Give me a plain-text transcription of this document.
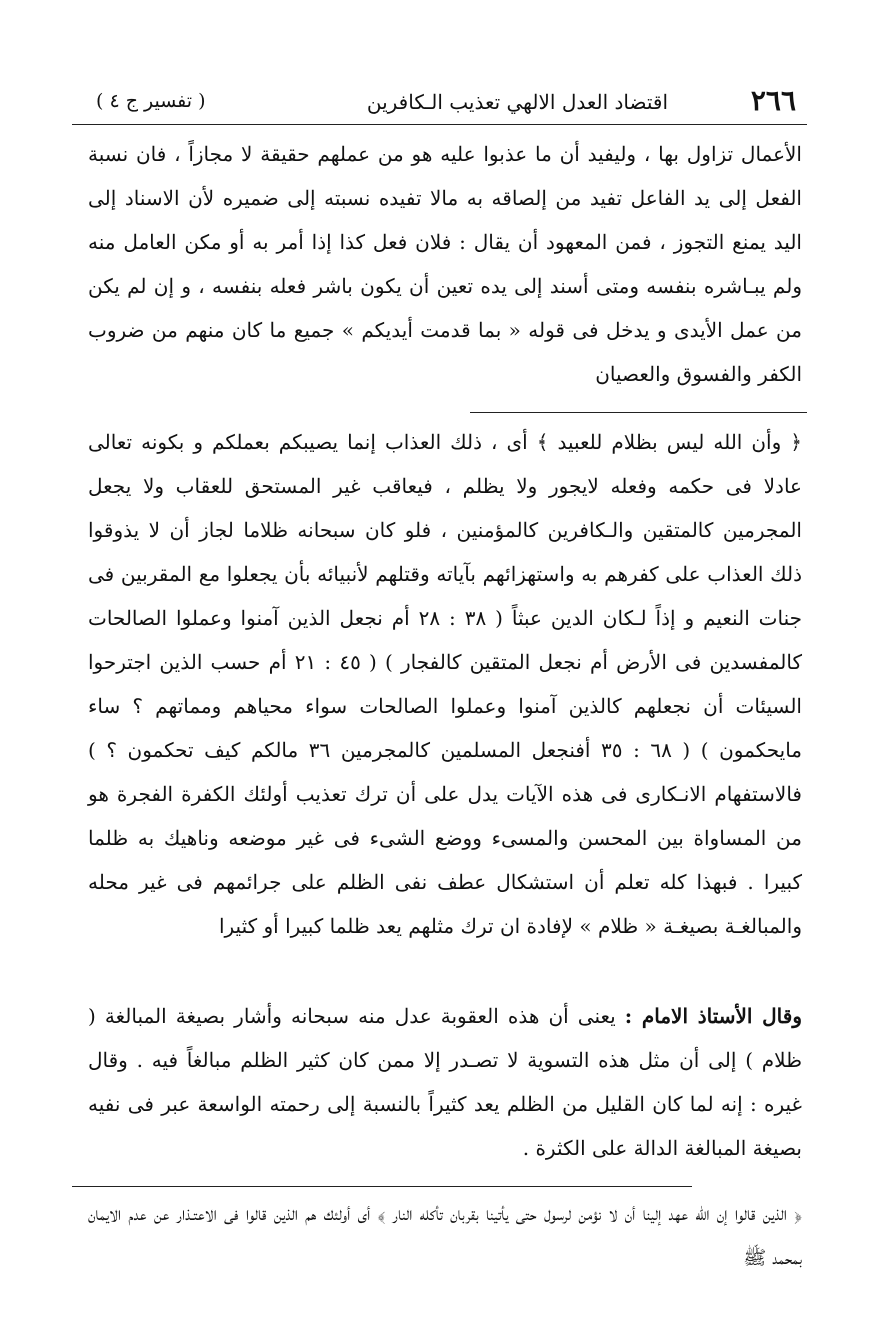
٢٦٦
اقتضاد العدل الالهي تعذيب الـكافرين
( تفسير ج ٤ )
الأعمال تزاول بها ، وليفيد أن ما عذبوا عليه هو من عملهم حقيقة لا مجازاً ، فان نسبة الفعل إلى يد الفاعل تفيد من إلصاقه به مالا تفيده نسبته إلى ضميره لأن الاسناد إلى اليد يمنع التجوز ، فمن المعهود أن يقال : فلان فعل كذا إذا أمر به أو مكن العامل منه ولم يبـاشره بنفسه ومتى أسند إلى يده تعين أن يكون باشر فعله بنفسه ، و إن لم يكن من عمل الأيدى و يدخل فى قوله « بما قدمت أيديكم » جميع ما كان منهم من ضروب الكفر والفسوق والعصيان
﴿ وأن الله ليس بظلام للعبيد ﴾ أى ، ذلك العذاب إنما يصيبكم بعملكم و بكونه تعالى عادلا فى حكمه وفعله لايجور ولا يظلم ، فيعاقب غير المستحق للعقاب ولا يجعل المجرمين كالمتقين والـكافرين كالمؤمنين ، فلو كان سبحانه ظلاما لجاز أن لا يذوقوا ذلك العذاب على كفرهم به واستهزائهم بآياته وقتلهم لأنبيائه بأن يجعلوا مع المقربين فى جنات النعيم و إذاً لـكان الدين عبثاً ( ٣٨ : ٢٨ أم نجعل الذين آمنوا وعملوا الصالحات كالمفسدين فى الأرض أم نجعل المتقين كالفجار ) ( ٤٥ : ٢١ أم حسب الذين اجترحوا السيئات أن نجعلهم كالذين آمنوا وعملوا الصالحات سواء محياهم ومماتهم ؟ ساء مايحكمون ) ( ٦٨ : ٣٥ أفنجعل المسلمين كالمجرمين ٣٦ مالكم كيف تحكمون ؟ ) فالاستفهام الانـكارى فى هذه الآيات يدل على أن ترك تعذيب أولئك الكفرة الفجرة هو من المساواة بين المحسن والمسىء ووضع الشىء فى غير موضعه وناهيك به ظلما كبيرا . فبهذا كله تعلم أن استشكال عطف نفى الظلم على جرائمهم فى غير محله والمبالغـة بصيغـة « ظلام » لإفادة ان ترك مثلهم يعد ظلما كبيرا أو كثيرا
وقال الأستاذ الامام : يعنى أن هذه العقوبة عدل منه سبحانه وأشار بصيغة المبالغة ( ظلام ) إلى أن مثل هذه التسوية لا تصـدر إلا ممن كان كثير الظلم مبالغاً فيه . وقال غيره : إنه لما كان القليل من الظلم يعد كثيراً بالنسبة إلى رحمته الواسعة عبر فى نفيه بصيغة المبالغة الدالة على الكثرة .
﴿ الذين قالوا إن الله عهد إلينا أن لا نؤمن لرسول حتى يأتينا بقربان تأكله النار ﴾ أى أولئك هم الذين قالوا فى الاعتـذار عن عدم الايمان بمحمد ﷺ
